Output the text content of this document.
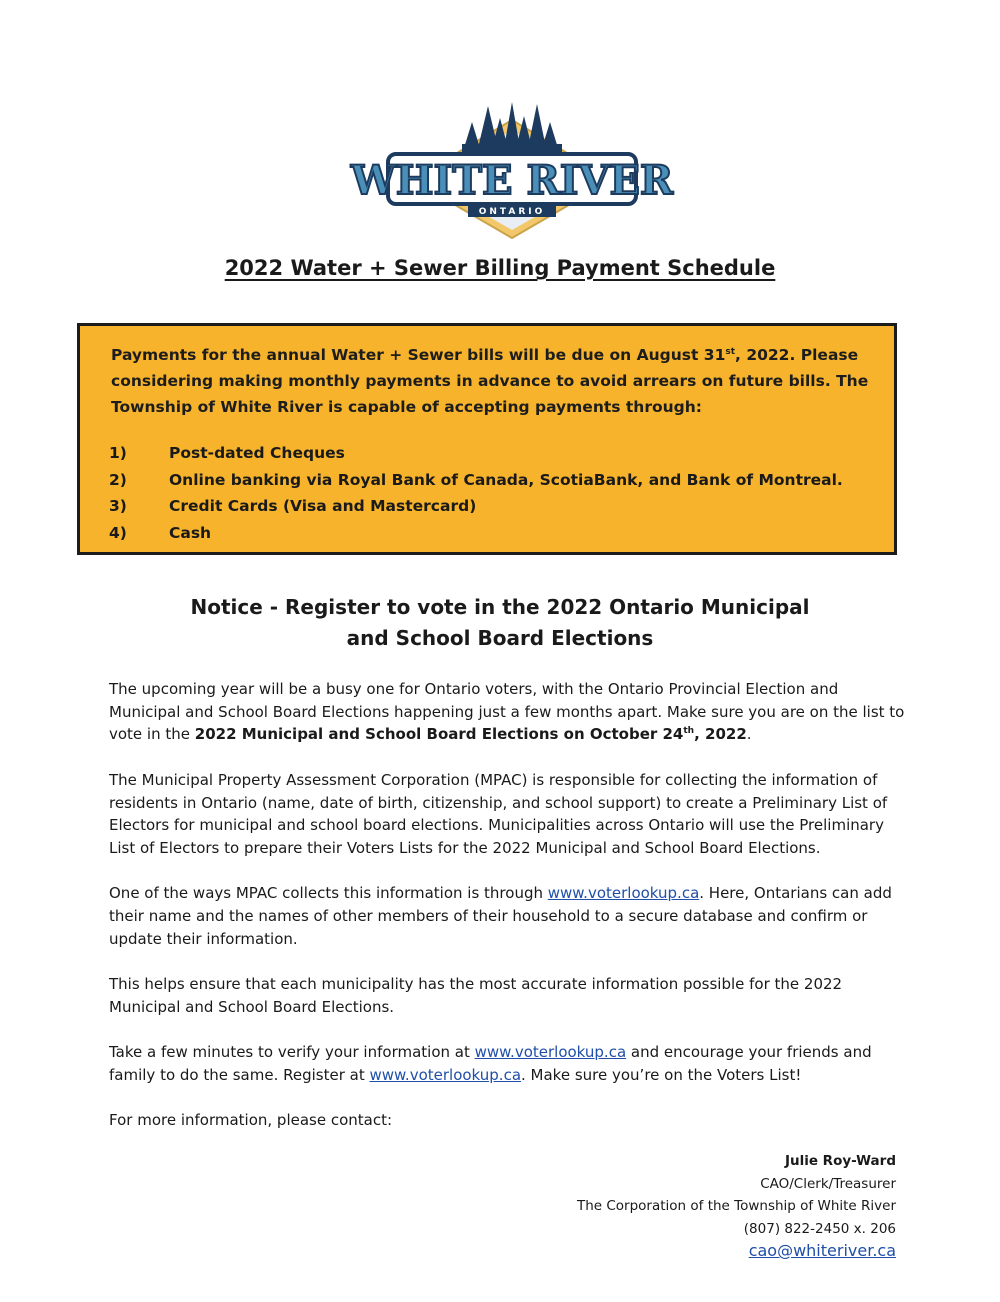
WHITE RIVER
ONTARIO
2022 Water + Sewer Billing Payment Schedule

Payments for the annual Water + Sewer bills will be due on August 31st, 2022. Please considering making monthly payments in advance to avoid arrears on future bills. The Township of White River is capable of accepting payments through:

1)	Post-dated Cheques
2)	Online banking via Royal Bank of Canada, ScotiaBank, and Bank of Montreal.
3)	Credit Cards (Visa and Mastercard)
4)	Cash
Notice - Register to vote in the 2022 Ontario Municipal
and School Board Elections

The upcoming year will be a busy one for Ontario voters, with the Ontario Provincial Election and Municipal and School Board Elections happening just a few months apart. Make sure you are on the list to vote in the 2022 Municipal and School Board Elections on October 24th, 2022.

The Municipal Property Assessment Corporation (MPAC) is responsible for collecting the information of residents in Ontario (name, date of birth, citizenship, and school support) to create a Preliminary List of Electors for municipal and school board elections. Municipalities across Ontario will use the Preliminary List of Electors to prepare their Voters Lists for the 2022 Municipal and School Board Elections.

One of the ways MPAC collects this information is through www.voterlookup.ca. Here, Ontarians can add their name and the names of other members of their household to a secure database and confirm or update their information.

This helps ensure that each municipality has the most accurate information possible for the 2022 Municipal and School Board Elections.

Take a few minutes to verify your information at www.voterlookup.ca and encourage your friends and family to do the same. Register at www.voterlookup.ca. Make sure you’re on the Voters List!

For more information, please contact:

Julie Roy-Ward
CAO/Clerk/Treasurer
The Corporation of the Township of White River
(807) 822-2450 x. 206
cao@whiteriver.ca
